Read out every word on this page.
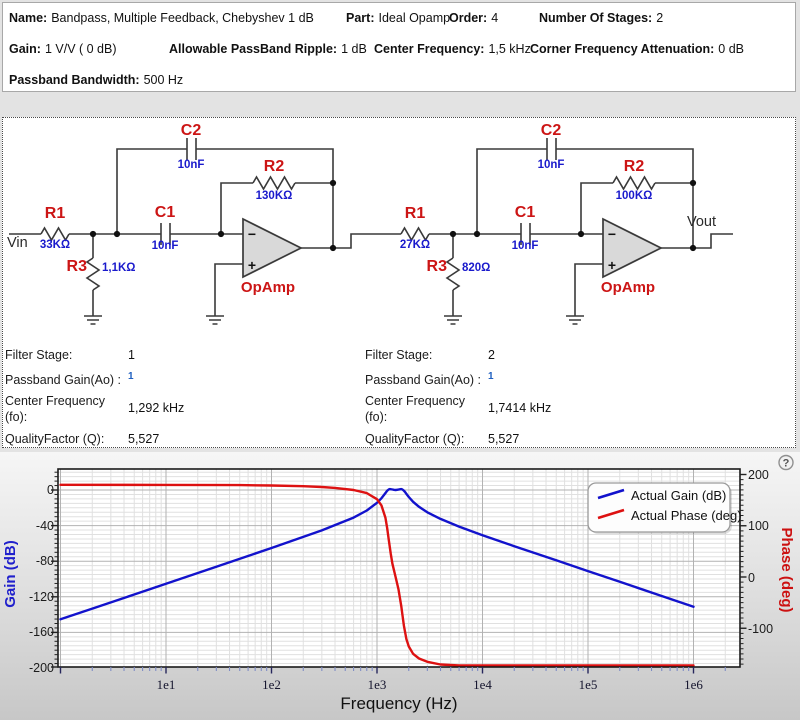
Name: Bandpass, Multiple Feedback, Chebyshev 1 dB	Part: Ideal Opamp
Order: 4	Number Of Stages: 2
Gain: 1 V/V ( 0 dB)	Allowable PassBand Ripple: 1 dB Center Frequency: 1,5 kHz Corner Frequency Attenuation: 0 dB
Passband Bandwidth: 500 Hz
Vin
R1
33KΩ
R3 1,1KΩ
C1
10nF
C2
10nF	R2
130KΩ
−
+
OpAmp
R1
27KΩ
R3 820Ω
C1
10nF
C2
10nF	R2
100KΩ
−
+
OpAmp
Vout
Filter Stage:	1
Passband Gain(Ao) : 1
Center Frequency (fo):
1,292 kHz
QualityFactor (Q):	5,527
Filter Stage:	2
Passband Gain(Ao) : 1
Center Frequency (fo):
1,7414 kHz
QualityFactor (Q):	5,527
0
-40
-80
-120
-160
-200
200
100
0
-100
1e1	1e2	1e3	1e4	1e5	1e6
Gain (dB)	Phase (deg)
Frequency (Hz)
Actual Gain (dB)
Actual Phase (deg)
?
